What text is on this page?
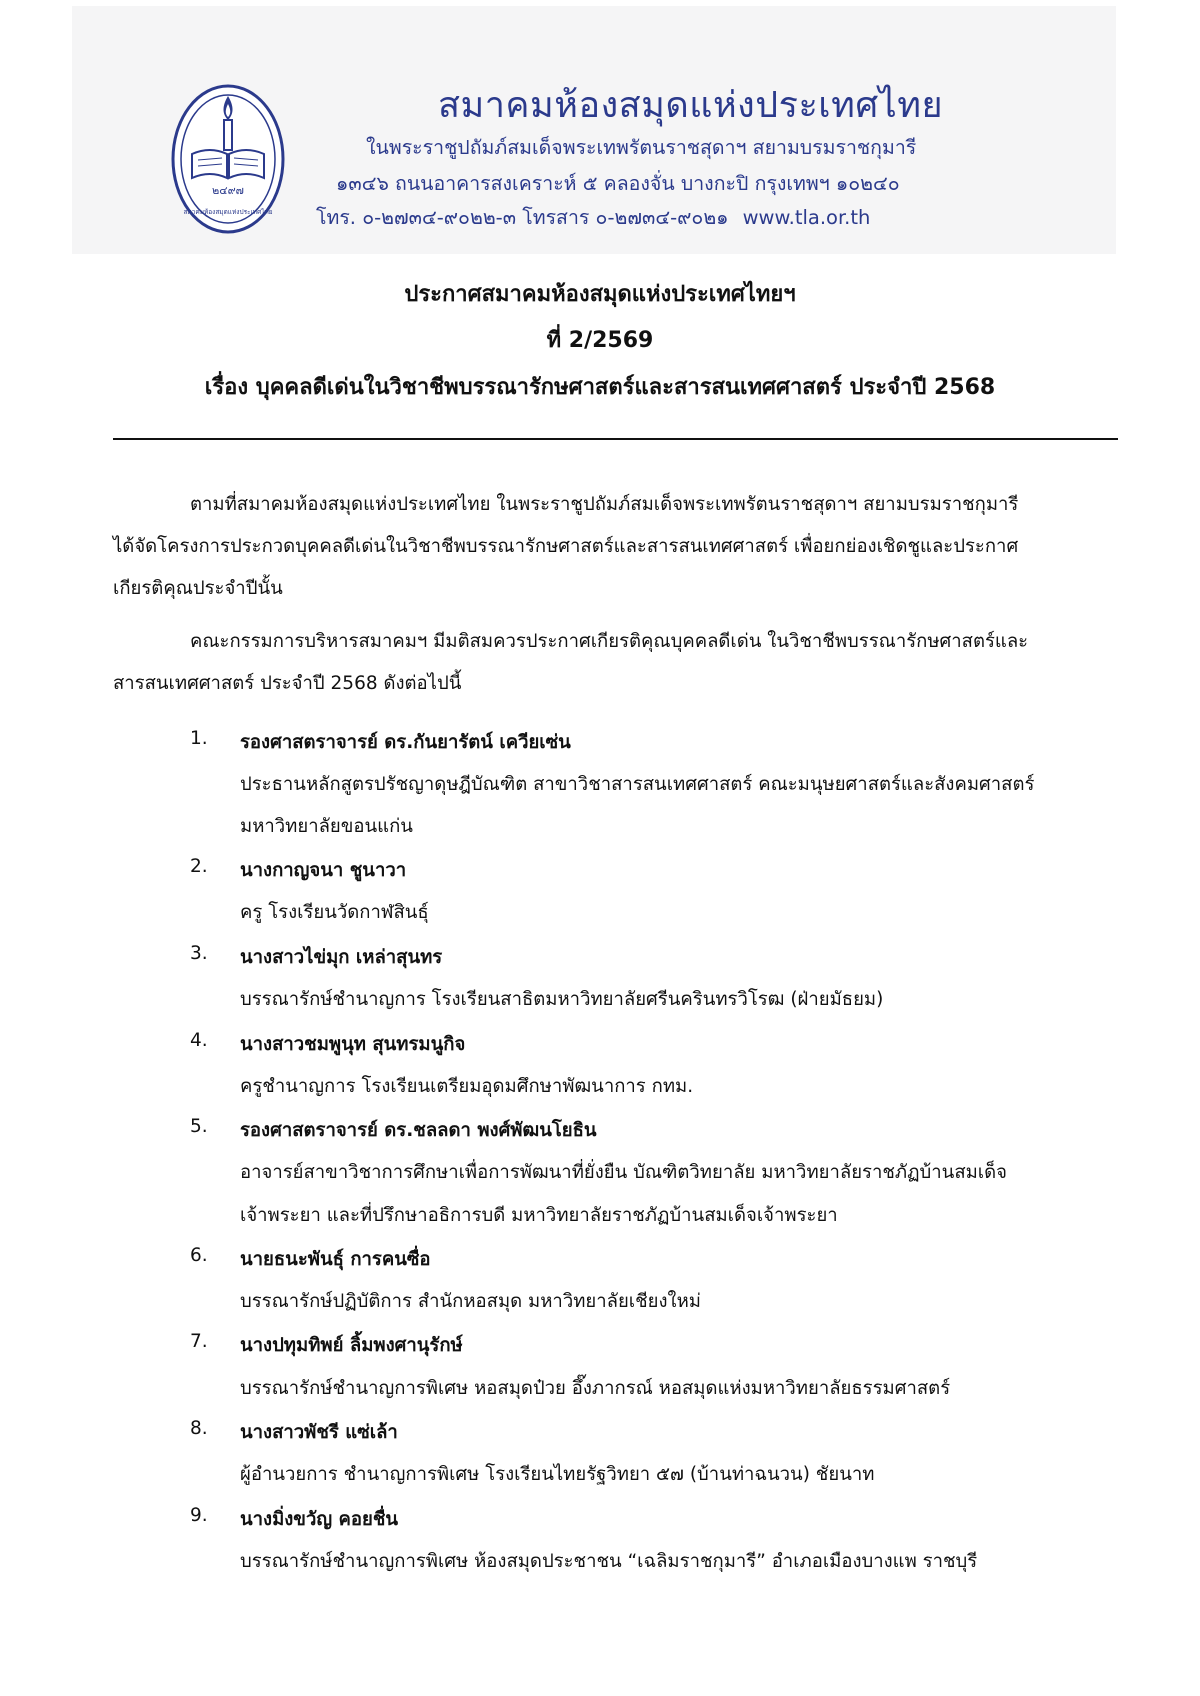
๒๔๙๗
สมาคมห้องสมุดแห่งประเทศไทย
สมาคมห้องสมุดแห่งประเทศไทย
ในพระราชูปถัมภ์สมเด็จพระเทพรัตนราชสุดาฯ สยามบรมราชกุมารี
๑๓๔๖ ถนนอาคารสงเคราะห์ ๕ คลองจั่น บางกะปิ กรุงเทพฯ ๑๐๒๔๐
โทร. ๐-๒๗๓๔-๙๐๒๒-๓ โทรสาร ๐-๒๗๓๔-๙๐๒๑ www.tla.or.th
ประกาศสมาคมห้องสมุดแห่งประเทศไทยฯ
ที่ 2/2569
เรื่อง บุคคลดีเด่นในวิชาชีพบรรณารักษศาสตร์และสารสนเทศศาสตร์ ประจำปี 2568
ตามที่สมาคมห้องสมุดแห่งประเทศไทย ในพระราชูปถัมภ์สมเด็จพระเทพรัตนราชสุดาฯ สยามบรมราชกุมารี
ได้จัดโครงการประกวดบุคคลดีเด่นในวิชาชีพบรรณารักษศาสตร์และสารสนเทศศาสตร์ เพื่อยกย่องเชิดชูและประกาศ
เกียรติคุณประจำปีนั้น
คณะกรรมการบริหารสมาคมฯ มีมติสมควรประกาศเกียรติคุณบุคคลดีเด่น ในวิชาชีพบรรณารักษศาสตร์และ
สารสนเทศศาสตร์ ประจำปี 2568 ดังต่อไปนี้
1. รองศาสตราจารย์ ดร.กันยารัตน์ เควียเซ่น
ประธานหลักสูตรปรัชญาดุษฎีบัณฑิต สาขาวิชาสารสนเทศศาสตร์ คณะมนุษยศาสตร์และสังคมศาสตร์
มหาวิทยาลัยขอนแก่น
2. นางกาญจนา ชูนาวา
ครู โรงเรียนวัดกาฬสินธุ์
3. นางสาวไข่มุก เหล่าสุนทร
บรรณารักษ์ชำนาญการ โรงเรียนสาธิตมหาวิทยาลัยศรีนครินทรวิโรฒ (ฝ่ายมัธยม)
4. นางสาวชมพูนุท สุนทรมนูกิจ
ครูชำนาญการ โรงเรียนเตรียมอุดมศึกษาพัฒนาการ กทม.
5. รองศาสตราจารย์ ดร.ชลลดา พงศ์พัฒนโยธิน
อาจารย์สาขาวิชาการศึกษาเพื่อการพัฒนาที่ยั่งยืน บัณฑิตวิทยาลัย มหาวิทยาลัยราชภัฏบ้านสมเด็จ
เจ้าพระยา และที่ปรึกษาอธิการบดี มหาวิทยาลัยราชภัฏบ้านสมเด็จเจ้าพระยา
6. นายธนะพันธุ์ การคนซื่อ
บรรณารักษ์ปฏิบัติการ สำนักหอสมุด มหาวิทยาลัยเชียงใหม่
7. นางปทุมทิพย์ ลิ้มพงศานุรักษ์
บรรณารักษ์ชำนาญการพิเศษ หอสมุดป๋วย อึ๊งภากรณ์ หอสมุดแห่งมหาวิทยาลัยธรรมศาสตร์
8. นางสาวพัชรี แซ่เล้า
ผู้อำนวยการ ชำนาญการพิเศษ โรงเรียนไทยรัฐวิทยา ๕๗ (บ้านท่าฉนวน) ชัยนาท
9. นางมิ่งขวัญ คอยชื่น
บรรณารักษ์ชำนาญการพิเศษ ห้องสมุดประชาชน “เฉลิมราชกุมารี” อำเภอเมืองบางแพ ราชบุรี
